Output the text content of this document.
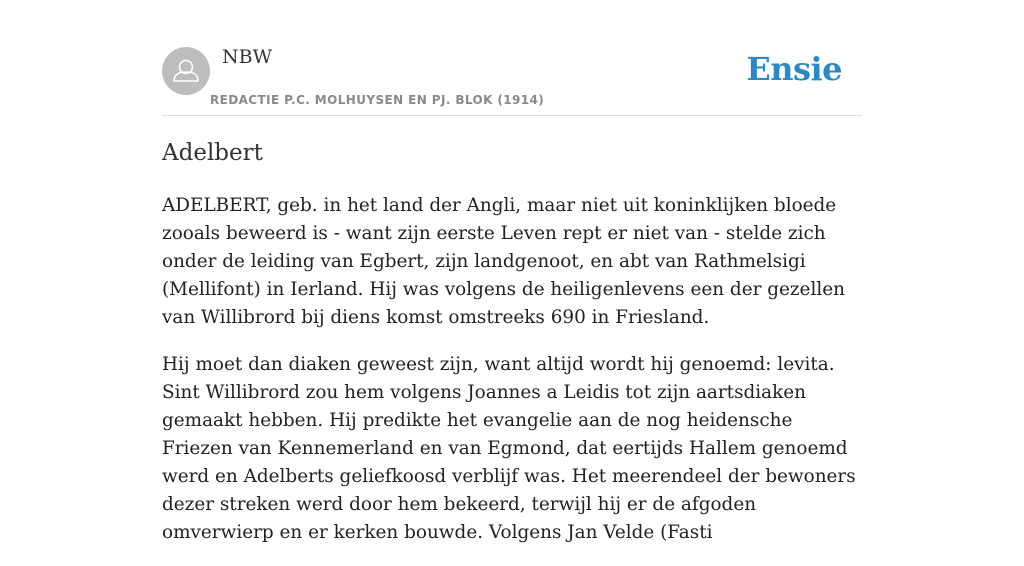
NBW
REDACTIE P.C. MOLHUYSEN EN PJ. BLOK (1914)
Ensie
Adelbert

ADELBERT, geb. in het land der Angli, maar niet uit koninklijken bloede zooals beweerd is - want zijn eerste Leven rept er niet van - stelde zich onder de leiding van Egbert, zijn landgenoot, en abt van Rathmelsigi (Mellifont) in Ierland. Hij was volgens de heiligenlevens een der gezellen van Willibrord bij diens komst omstreeks 690 in Friesland.

Hij moet dan diaken geweest zijn, want altijd wordt hij genoemd: levita. Sint Willibrord zou hem volgens Joannes a Leidis tot zijn aartsdiaken gemaakt hebben. Hij predikte het evangelie aan de nog heidensche Friezen van Kennemerland en van Egmond, dat eertijds Hallem genoemd werd en Adelberts geliefkoosd verblijf was. Het meerendeel der bewoners dezer streken werd door hem bekeerd, terwijl hij er de afgoden omverwierp en er kerken bouwde. Volgens Jan Velde (Fasti
